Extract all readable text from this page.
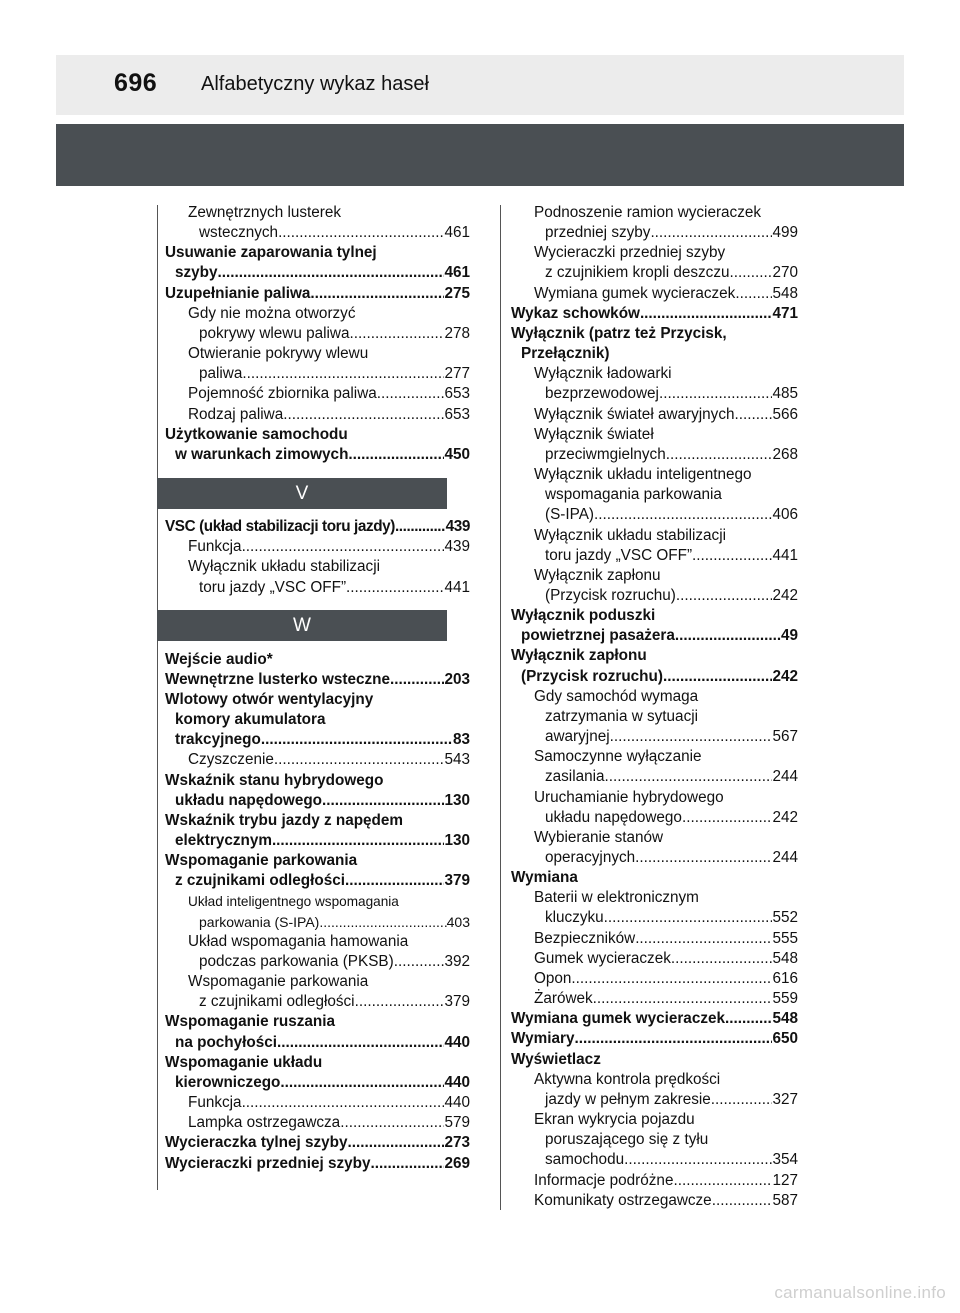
696 Alfabetyczny wykaz haseł
Zewnętrznych lusterek
wstecznych .....	461
Usuwanie zaparowania tylnej
szyby .....	461
Uzupełnianie paliwa .....	275
Gdy nie można otworzyć
pokrywy wlewu paliwa .....	278
Otwieranie pokrywy wlewu
paliwa .....	277
Pojemność zbiornika paliwa .....	653
Rodzaj paliwa .....	653
Użytkowanie samochodu
w warunkach zimowych .....	450
V
VSC (układ stabilizacji toru jazdy) .....	439
Funkcja .....	439
Wyłącznik układu stabilizacji
toru jazdy „VSC OFF” .....	441
W
Wejście audio*
Wewnętrzne lusterko wsteczne .....	203
Wlotowy otwór wentylacyjny
komory akumulatora
trakcyjnego .....	83
Czyszczenie .....	543
Wskaźnik stanu hybrydowego
układu napędowego .....	130
Wskaźnik trybu jazdy z napędem
elektrycznym .....	130
Wspomaganie parkowania
z czujnikami odległości .....	379
Układ inteligentnego wspomagania
parkowania (S-IPA) .....	403
Układ wspomagania hamowania
podczas parkowania (PKSB) .....	392
Wspomaganie parkowania
z czujnikami odległości .....	379
Wspomaganie ruszania
na pochyłości .....	440
Wspomaganie układu
kierowniczego .....	440
Funkcja .....	440
Lampka ostrzegawcza .....	579
Wycieraczka tylnej szyby .....	273
Wycieraczki przedniej szyby .....	269
Podnoszenie ramion wycieraczek
przedniej szyby .....	499
Wycieraczki przedniej szyby
z czujnikiem kropli deszczu .....	270
Wymiana gumek wycieraczek ..... 548
Wykaz schowków .....	471
Wyłącznik (patrz też Przycisk,
Przełącznik)
Wyłącznik ładowarki
bezprzewodowej .....	485
Wyłącznik świateł awaryjnych ..... 566
Wyłącznik świateł
przeciwmgielnych .....	268
Wyłącznik układu inteligentnego
wspomagania parkowania
(S-IPA) .....	406
Wyłącznik układu stabilizacji
toru jazdy „VSC OFF” .....	441
Wyłącznik zapłonu
(Przycisk rozruchu) .....	242
Wyłącznik poduszki
powietrznej pasażera .....	49
Wyłącznik zapłonu
(Przycisk rozruchu) .....	242
Gdy samochód wymaga
zatrzymania w sytuacji
awaryjnej .....	567
Samoczynne wyłączanie
zasilania .....	244
Uruchamianie hybrydowego
układu napędowego .....	242
Wybieranie stanów
operacyjnych .....	244
Wymiana
Baterii w elektronicznym
kluczyku .....	552
Bezpieczników .....	555
Gumek wycieraczek .....	548
Opon .....	616
Żarówek .....	559
Wymiana gumek wycieraczek .....	548
Wymiary .....	650
Wyświetlacz
Aktywna kontrola prędkości
jazdy w pełnym zakresie .....	327
Ekran wykrycia pojazdu
poruszającego się z tyłu
samochodu .....	354
Informacje podróżne .....	127
Komunikaty ostrzegawcze .....	587
carmanualsonline.info
